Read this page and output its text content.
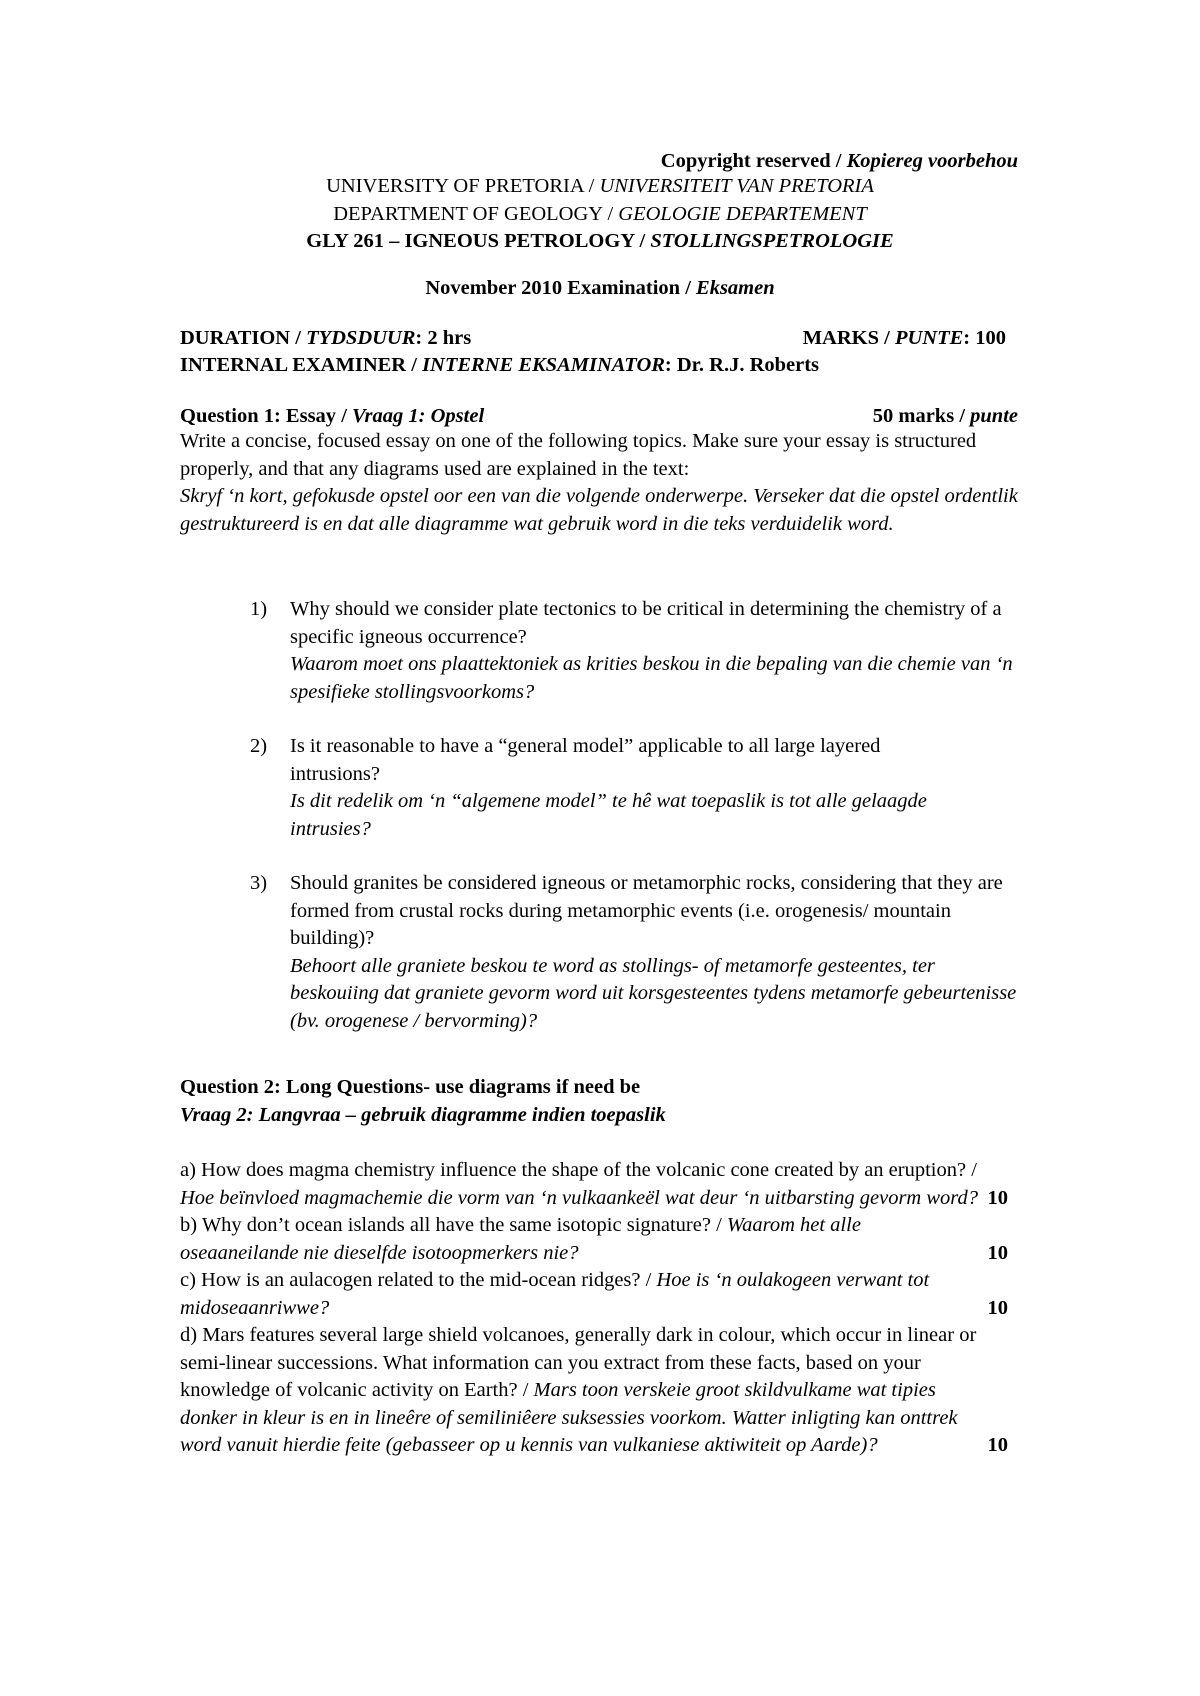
Copyright reserved / Kopiereg voorbehou
UNIVERSITY OF PRETORIA / UNIVERSITEIT VAN PRETORIA
DEPARTMENT OF GEOLOGY / GEOLOGIE DEPARTEMENT
GLY 261 – IGNEOUS PETROLOGY / STOLLINGSPETROLOGIE
November 2010 Examination / Eksamen
DURATION / TYDSDUUR: 2 hrs	MARKS / PUNTE: 100
INTERNAL EXAMINER / INTERNE EKSAMINATOR: Dr. R.J. Roberts
Question 1: Essay / Vraag 1: Opstel	50 marks / punte
Write a concise, focused essay on one of the following topics. Make sure your essay is structured properly, and that any diagrams used are explained in the text:
Skryf ‘n kort, gefokusde opstel oor een van die volgende onderwerpe. Verseker dat die opstel ordentlik gestruktureerd is en dat alle diagramme wat gebruik word in die teks verduidelik word.
1) Why should we consider plate tectonics to be critical in determining the chemistry of a specific igneous occurrence?
Waarom moet ons plaattektoniek as krities beskou in die bepaling van die chemie van ‘n spesifieke stollingsvoorkoms?
2) Is it reasonable to have a “general model” applicable to all large layered intrusions?
Is dit redelik om ‘n “algemene model” te hê wat toepaslik is tot alle gelaagde intrusies?
3) Should granites be considered igneous or metamorphic rocks, considering that they are formed from crustal rocks during metamorphic events (i.e. orogenesis/ mountain building)?
Behoort alle graniete beskou te word as stollings- of metamorfe gesteentes, ter beskouiing dat graniete gevorm word uit korsgesteentes tydens metamorfe gebeurtenisse (bv. orogenese / bervorming)?
Question 2: Long Questions- use diagrams if need be
Vraag 2: Langvraa – gebruik diagramme indien toepaslik
a) How does magma chemistry influence the shape of the volcanic cone created by an eruption? / Hoe beïnvloed magmachemie die vorm van ‘n vulkaankeël wat deur ‘n uitbarsting gevorm word? 10
b) Why don’t ocean islands all have the same isotopic signature? / Waarom het alle oseaaneilande nie dieselfde isotoopmerkers nie?	10
c) How is an aulacogen related to the mid-ocean ridges? / Hoe is ‘n oulakogeen verwant tot midoseaanriwwe?	10
d) Mars features several large shield volcanoes, generally dark in colour, which occur in linear or semi-linear successions. What information can you extract from these facts, based on your knowledge of volcanic activity on Earth? / Mars toon verskeie groot skildvulkame wat tipies donker in kleur is en in lineêre of semiliniêere suksessies voorkom. Watter inligting kan onttrek word vanuit hierdie feite (gebasseer op u kennis van vulkaniese aktiwiteit op Aarde)?	10
